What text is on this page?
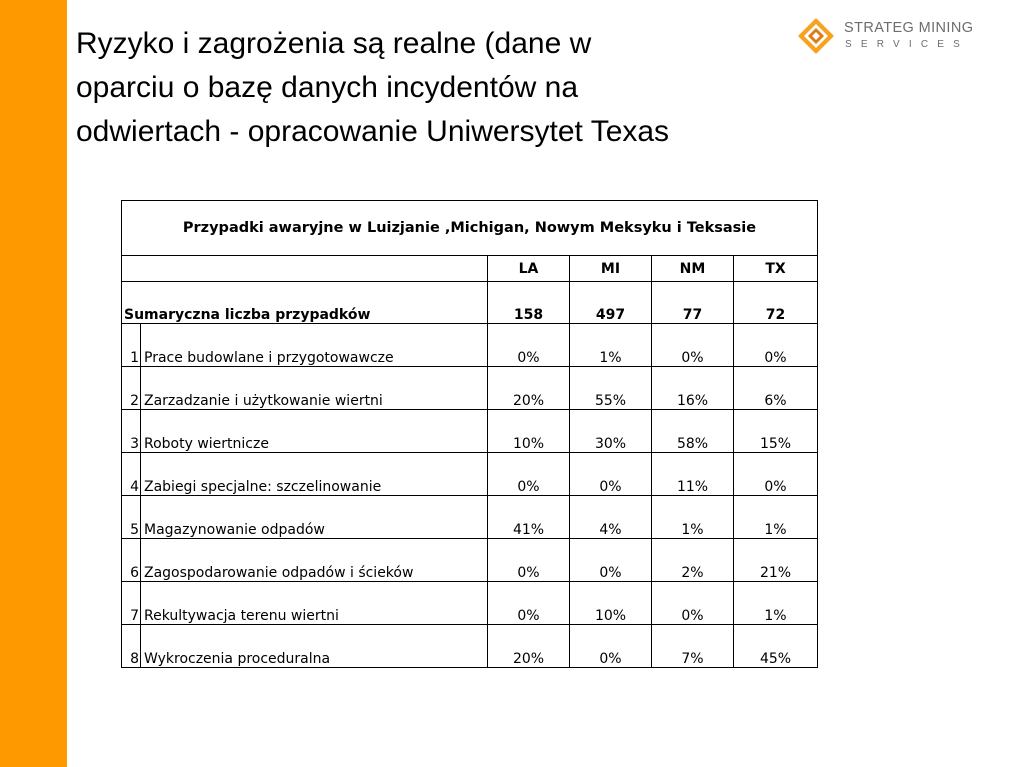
Ryzyko i zagrożenia są realne (dane w
oparciu o bazę danych incydentów na
odwiertach - opracowanie Uniwersytet Texas
STRATEG MINING
SERVICES
Przypadki awaryjne w Luizjanie ,Michigan, Nowym Meksyku i Teksasie					
		LA	MI	NM	TX
Sumaryczna liczba przypadków		158	497	77	72
1	Prace budowlane i przygotowawcze	0%	1%	0%	0%
2	Zarzadzanie i użytkowanie wiertni	20%	55%	16%	6%
3	Roboty wiertnicze	10%	30%	58%	15%
4	Zabiegi specjalne: szczelinowanie	0%	0%	11%	0%
5	Magazynowanie odpadów	41%	4%	1%	1%
6	Zagospodarowanie odpadów i ścieków	0%	0%	2%	21%
7	Rekultywacja terenu wiertni	0%	10%	0%	1%
8	Wykroczenia proceduralna	20%	0%	7%	45%
